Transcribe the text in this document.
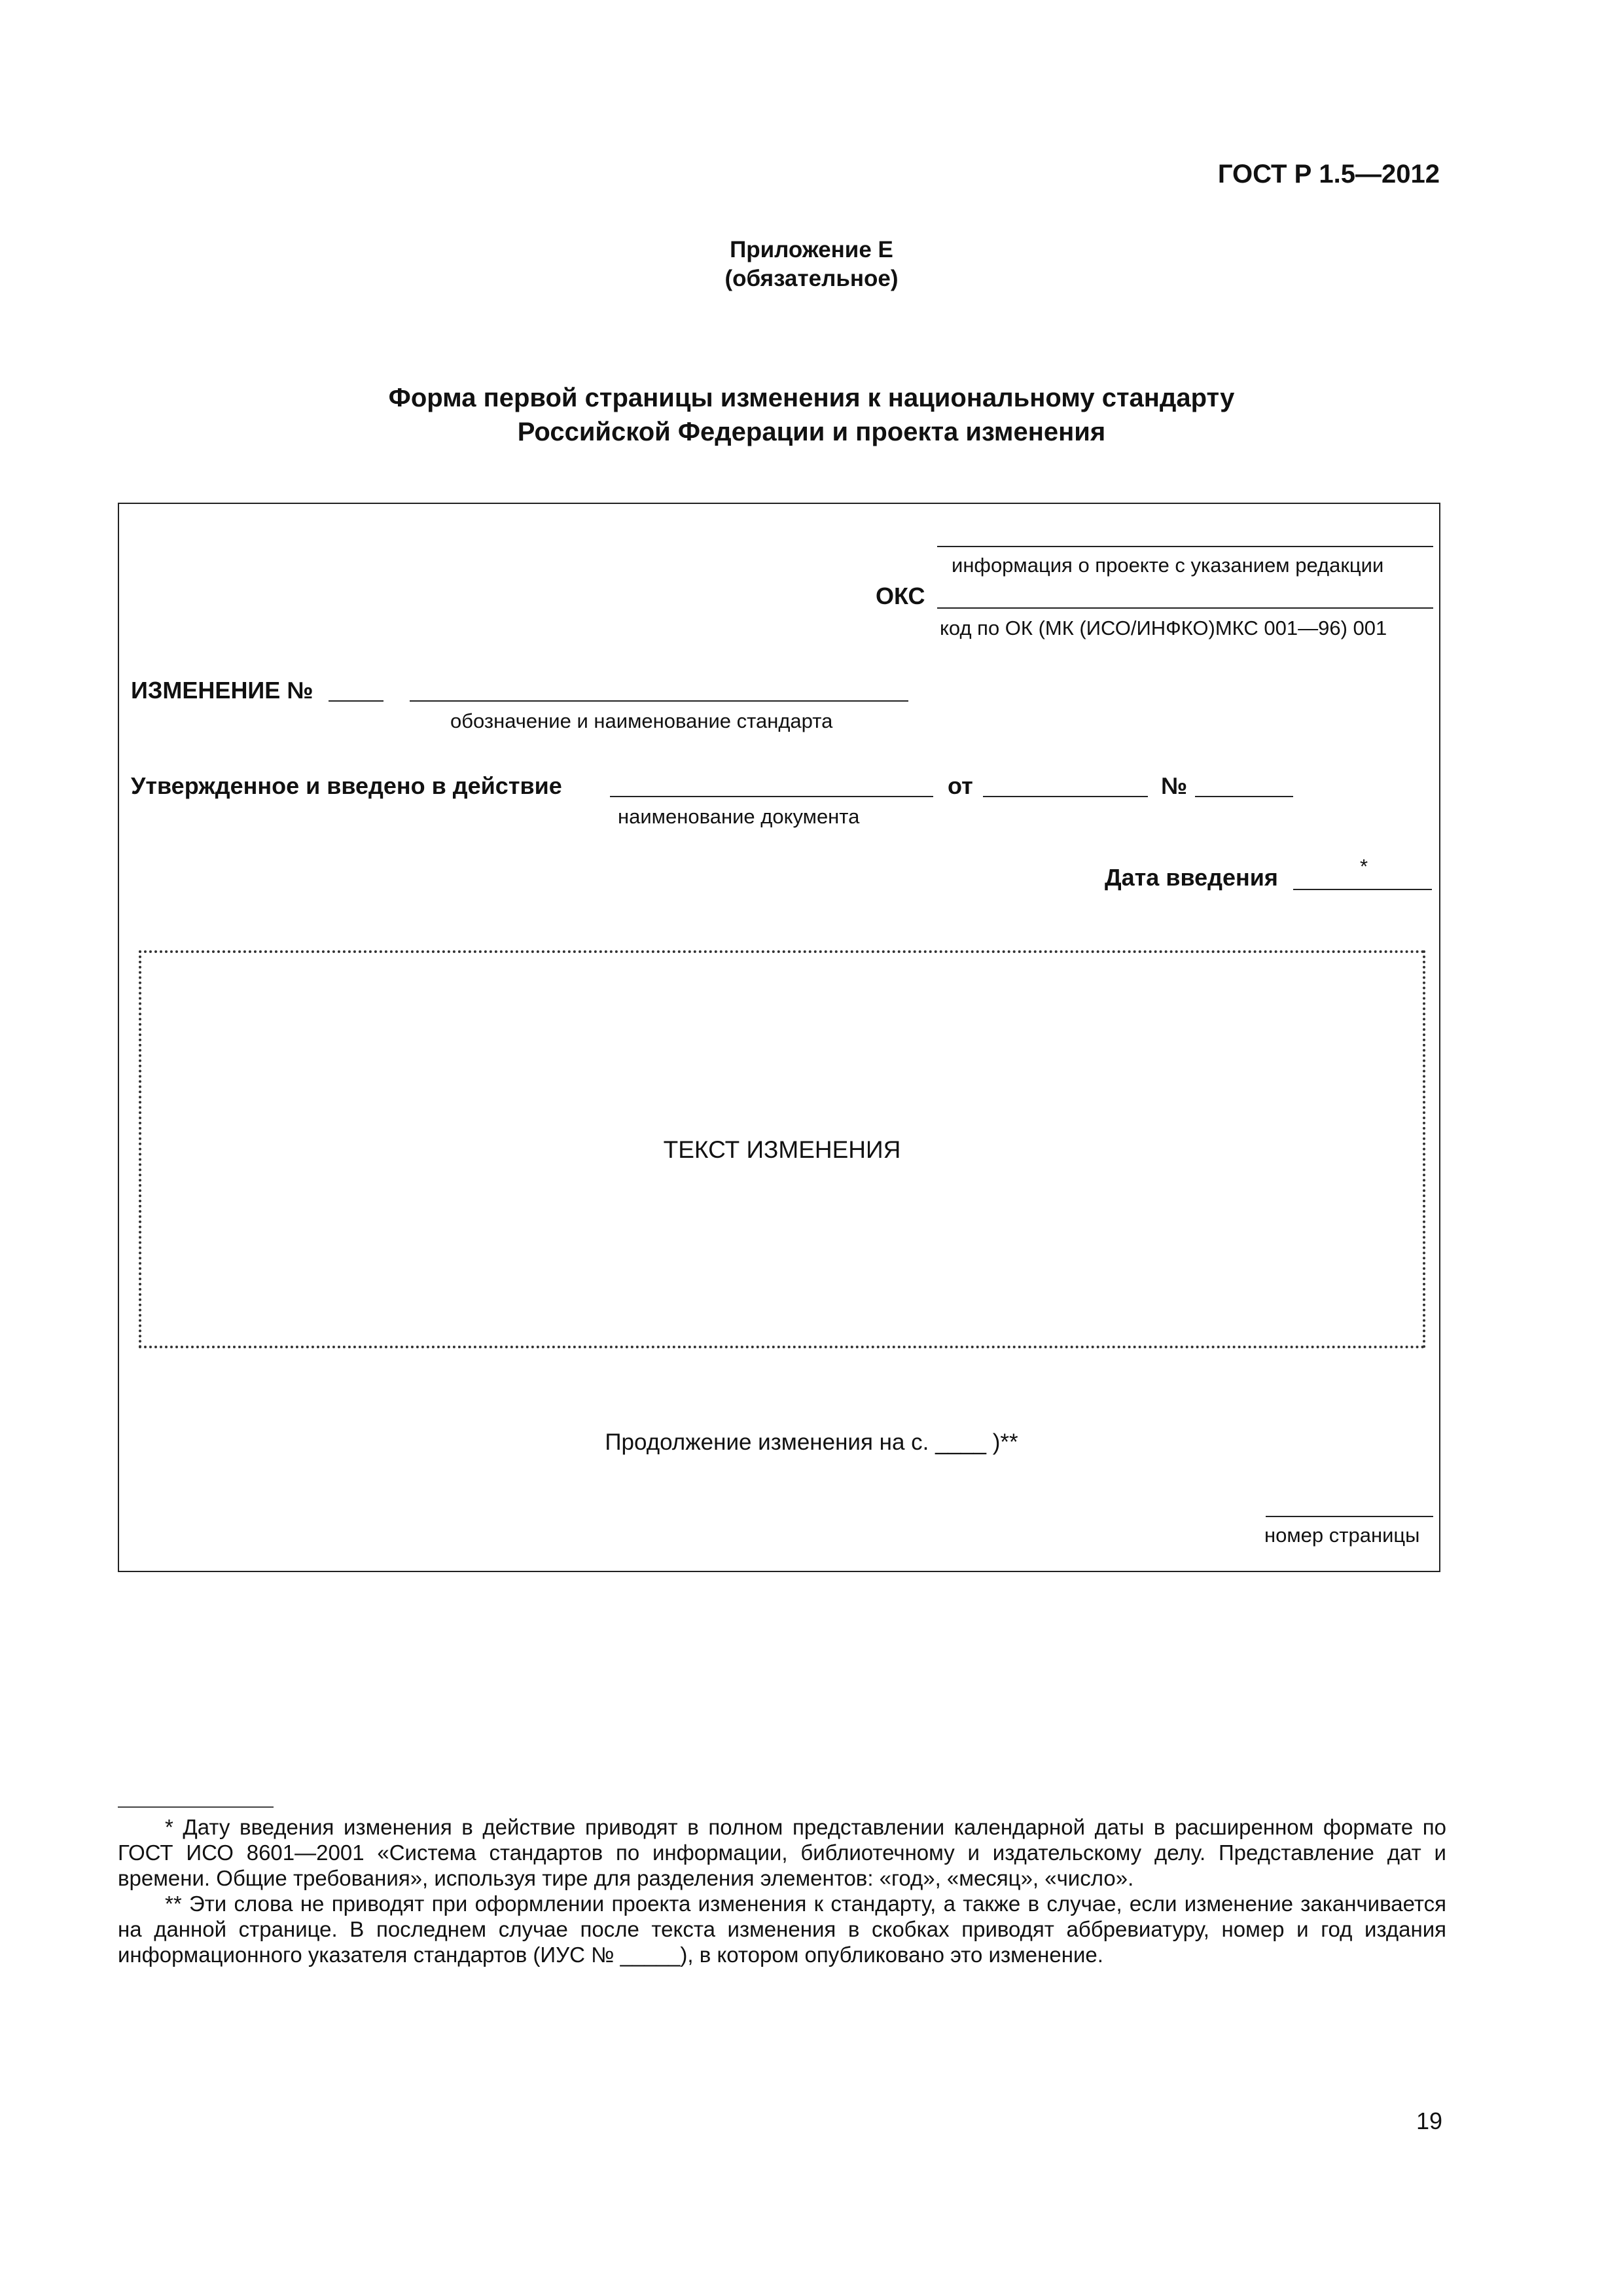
ГОСТ Р 1.5—2012
Приложение Е
(обязательное)
Форма первой страницы изменения к национальному стандарту
Российской Федерации и проекта изменения
информация о проекте с указанием редакции
ОКС
код по ОК (МК (ИСО/ИНФКО)МКС 001—96) 001
ИЗМЕНЕНИЕ №
обозначение и наименование стандарта
Утвержденное и введено в действие
наименование документа
от	№
Дата введения	*
ТЕКСТ ИЗМЕНЕНИЯ
Продолжение изменения на с. ____ )**
номер страницы

* Дату введения изменения в действие приводят в полном представлении календарной даты в расширенном формате по ГОСТ ИСО 8601—2001 «Система стандартов по информации, библиотечному и издательскому делу. Представление дат и времени. Общие требования», используя тире для разделения элементов: «год», «месяц», «число».

** Эти слова не приводят при оформлении проекта изменения к стандарту, а также в случае, если изменение заканчивается на данной странице. В последнем случае после текста изменения в скобках приводят аббревиатуру, номер и год издания информационного указателя стандартов (ИУС № _____), в котором опубликовано это изменение.

19
